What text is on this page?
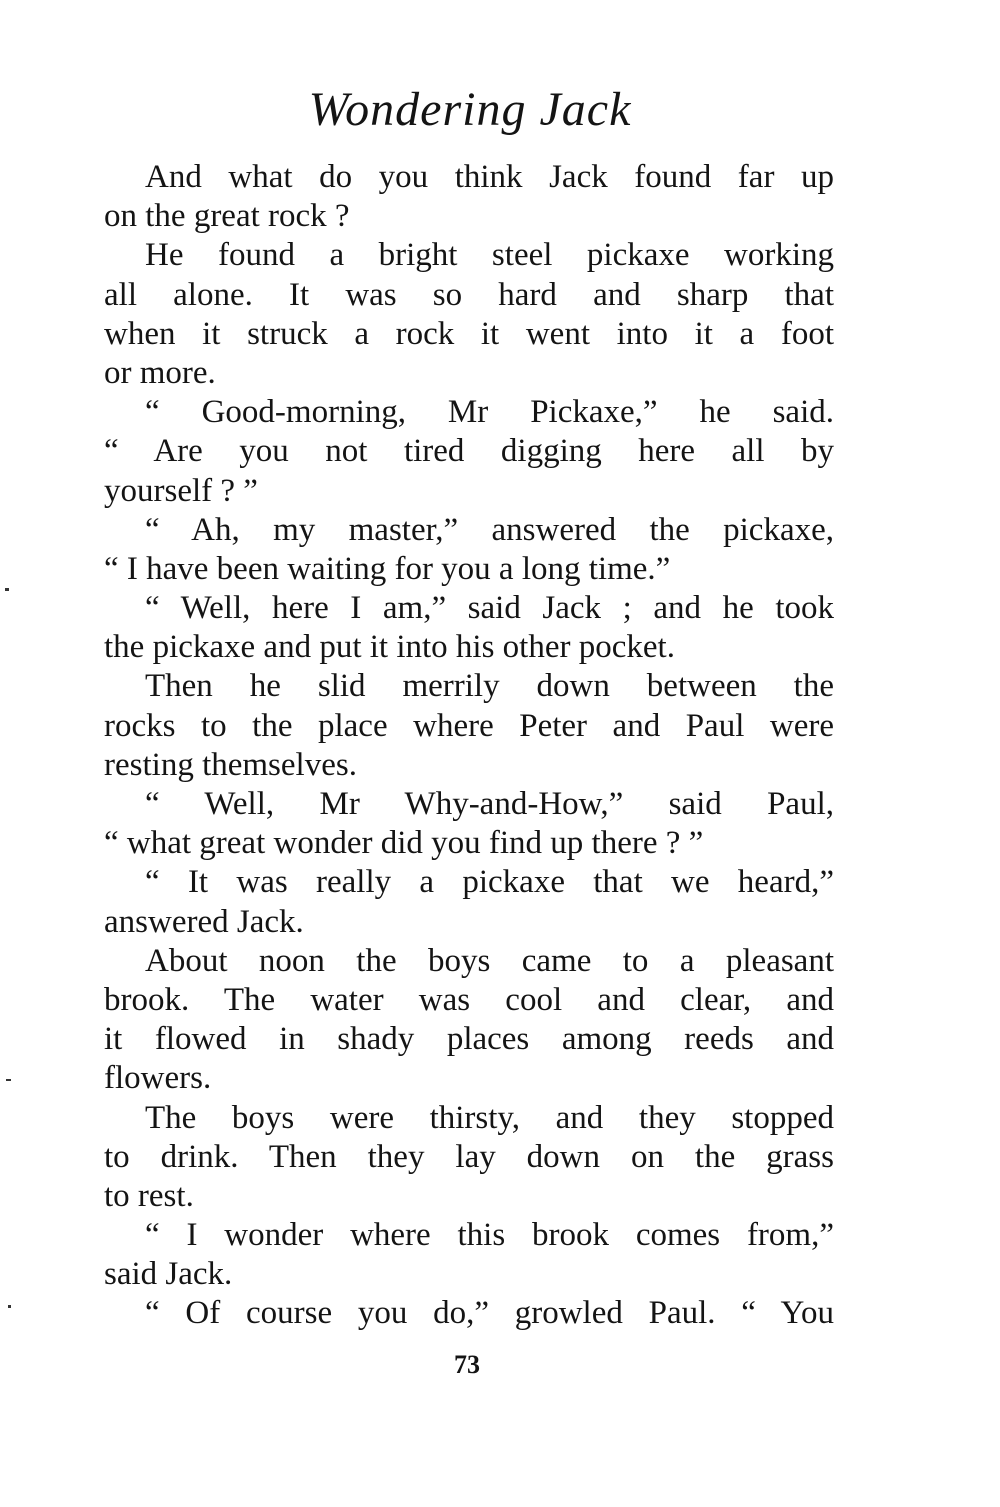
Wondering Jack
And what do you think Jack found far up
on the great rock ?
He found a bright steel pickaxe working
all alone. It was so hard and sharp that
when it struck a rock it went into it a foot
or more.
“ Good-morning, Mr Pickaxe,” he said.
“ Are you not tired digging here all by
yourself ? ”
“ Ah, my master,” answered the pickaxe,
“ I have been waiting for you a long time.”
“ Well, here I am,” said Jack ; and he took
the pickaxe and put it into his other pocket.
Then he slid merrily down between the
rocks to the place where Peter and Paul were
resting themselves.
“ Well, Mr Why-and-How,” said Paul,
“ what great wonder did you find up there ? ”
“ It was really a pickaxe that we heard,”
answered Jack.
About noon the boys came to a pleasant
brook. The water was cool and clear, and
it flowed in shady places among reeds and
flowers.
The boys were thirsty, and they stopped
to drink. Then they lay down on the grass
to rest.
“ I wonder where this brook comes from,”
said Jack.
“ Of course you do,” growled Paul. “ You
73
